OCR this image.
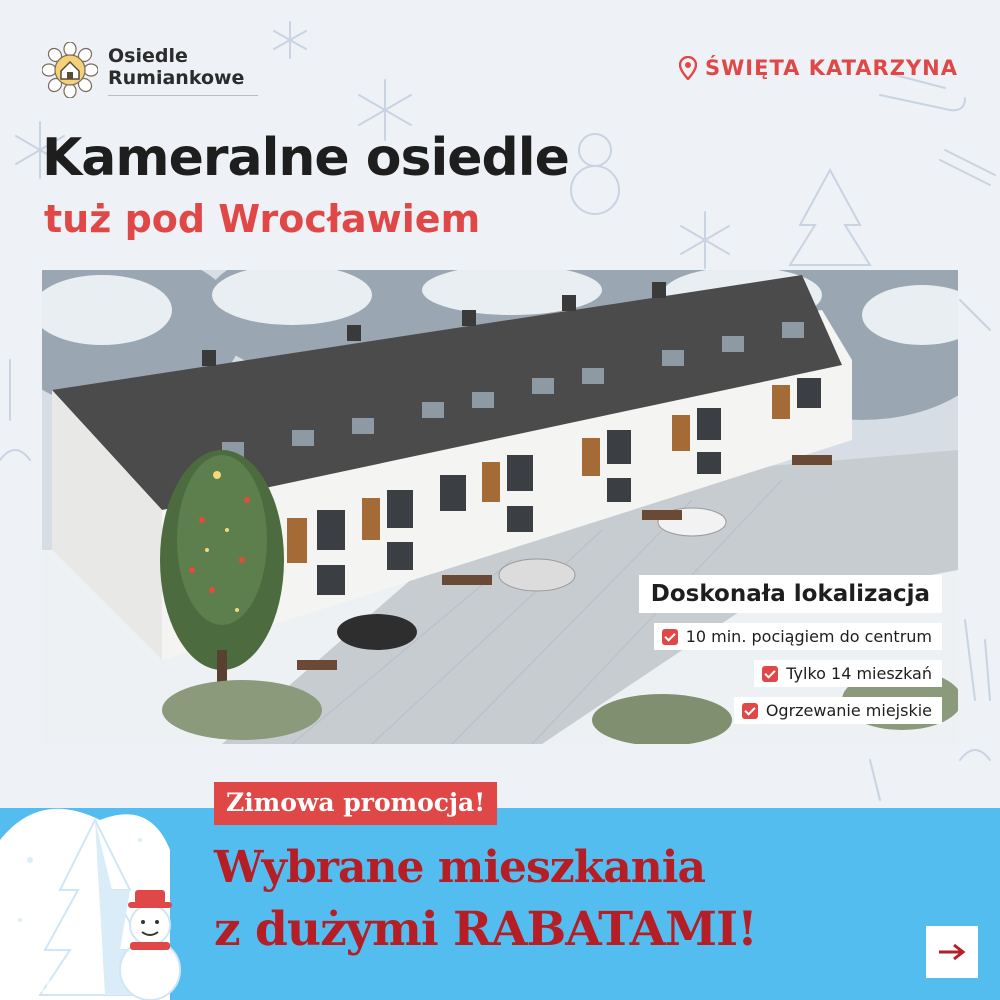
Osiedle
Rumiankowe	ŚWIĘTA KATARZYNA
Kameralne osiedle
tuż pod Wrocławiem
Doskonała lokalizacja
10 min. pociągiem do centrum
Tylko 14 mieszkań
Ogrzewanie miejskie
Zimowa promocja!
Wybrane mieszkania
z dużymi RABATAMI!
otodo
